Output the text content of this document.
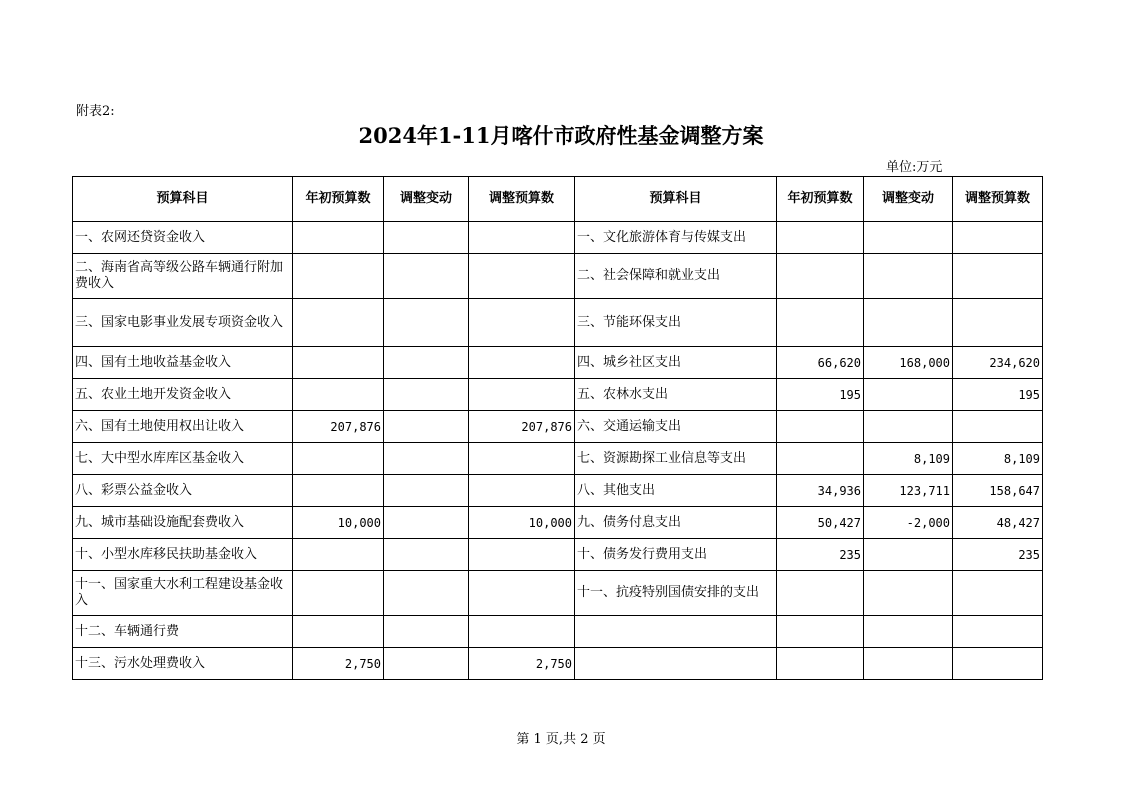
附表2:
2024年1-11月喀什市政府性基金调整方案
单位:万元
预算科目	年初预算数	调整变动	调整预算数	预算科目	年初预算数	调整变动	调整预算数
一、农网还贷资金收入				一、文化旅游体育与传媒支出			
二、海南省高等级公路车辆通行附加费收入				二、社会保障和就业支出			
三、国家电影事业发展专项资金收入				三、节能环保支出			
四、国有土地收益基金收入				四、城乡社区支出	66,620	168,000	234,620
五、农业土地开发资金收入				五、农林水支出	195		195
六、国有土地使用权出让收入	207,876		207,876	六、交通运输支出			
七、大中型水库库区基金收入				七、资源勘探工业信息等支出		8,109	8,109
八、彩票公益金收入				八、其他支出	34,936	123,711	158,647
九、城市基础设施配套费收入	10,000		10,000	九、债务付息支出	50,427	-2,000	48,427
十、小型水库移民扶助基金收入				十、债务发行费用支出	235		235
十一、国家重大水利工程建设基金收入				十一、抗疫特别国债安排的支出			
十二、车辆通行费							
十三、污水处理费收入	2,750		2,750				
第 1 页,共 2 页
